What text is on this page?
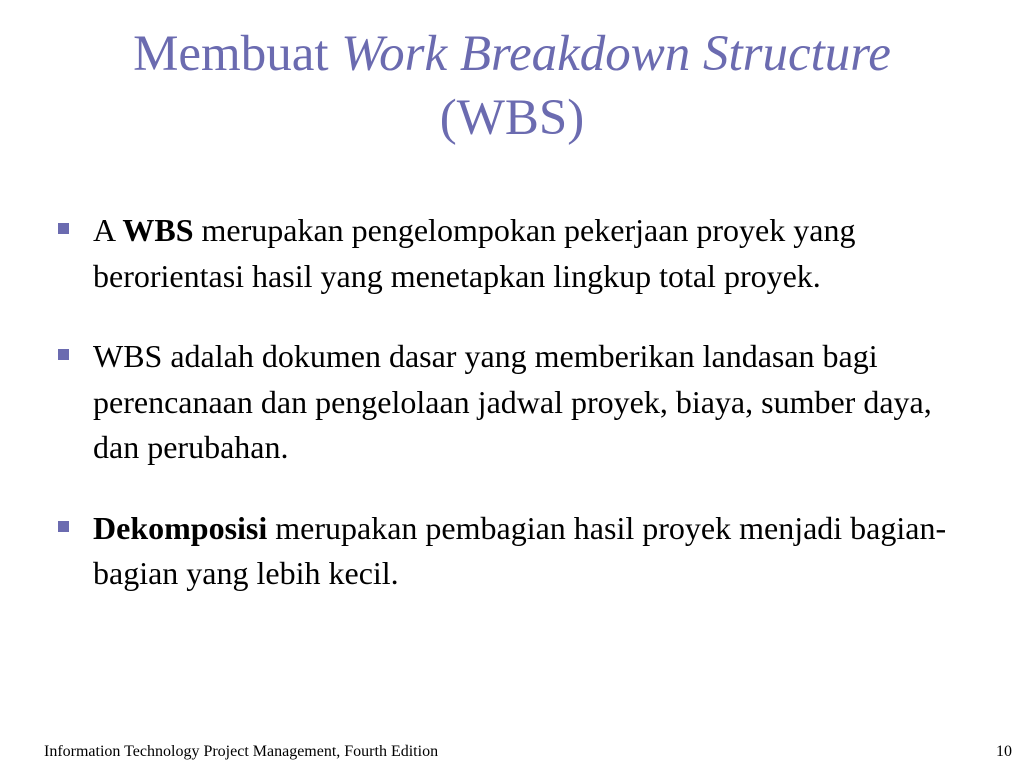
Membuat Work Breakdown Structure
(WBS)
A WBS merupakan pengelompokan pekerjaan proyek yang berorientasi hasil yang menetapkan lingkup total proyek.
WBS adalah dokumen dasar yang memberikan landasan bagi perencanaan dan pengelolaan jadwal proyek, biaya, sumber daya, dan perubahan.
Dekomposisi merupakan pembagian hasil proyek menjadi bagian-bagian yang lebih kecil.
Information Technology Project Management, Fourth Edition	10
